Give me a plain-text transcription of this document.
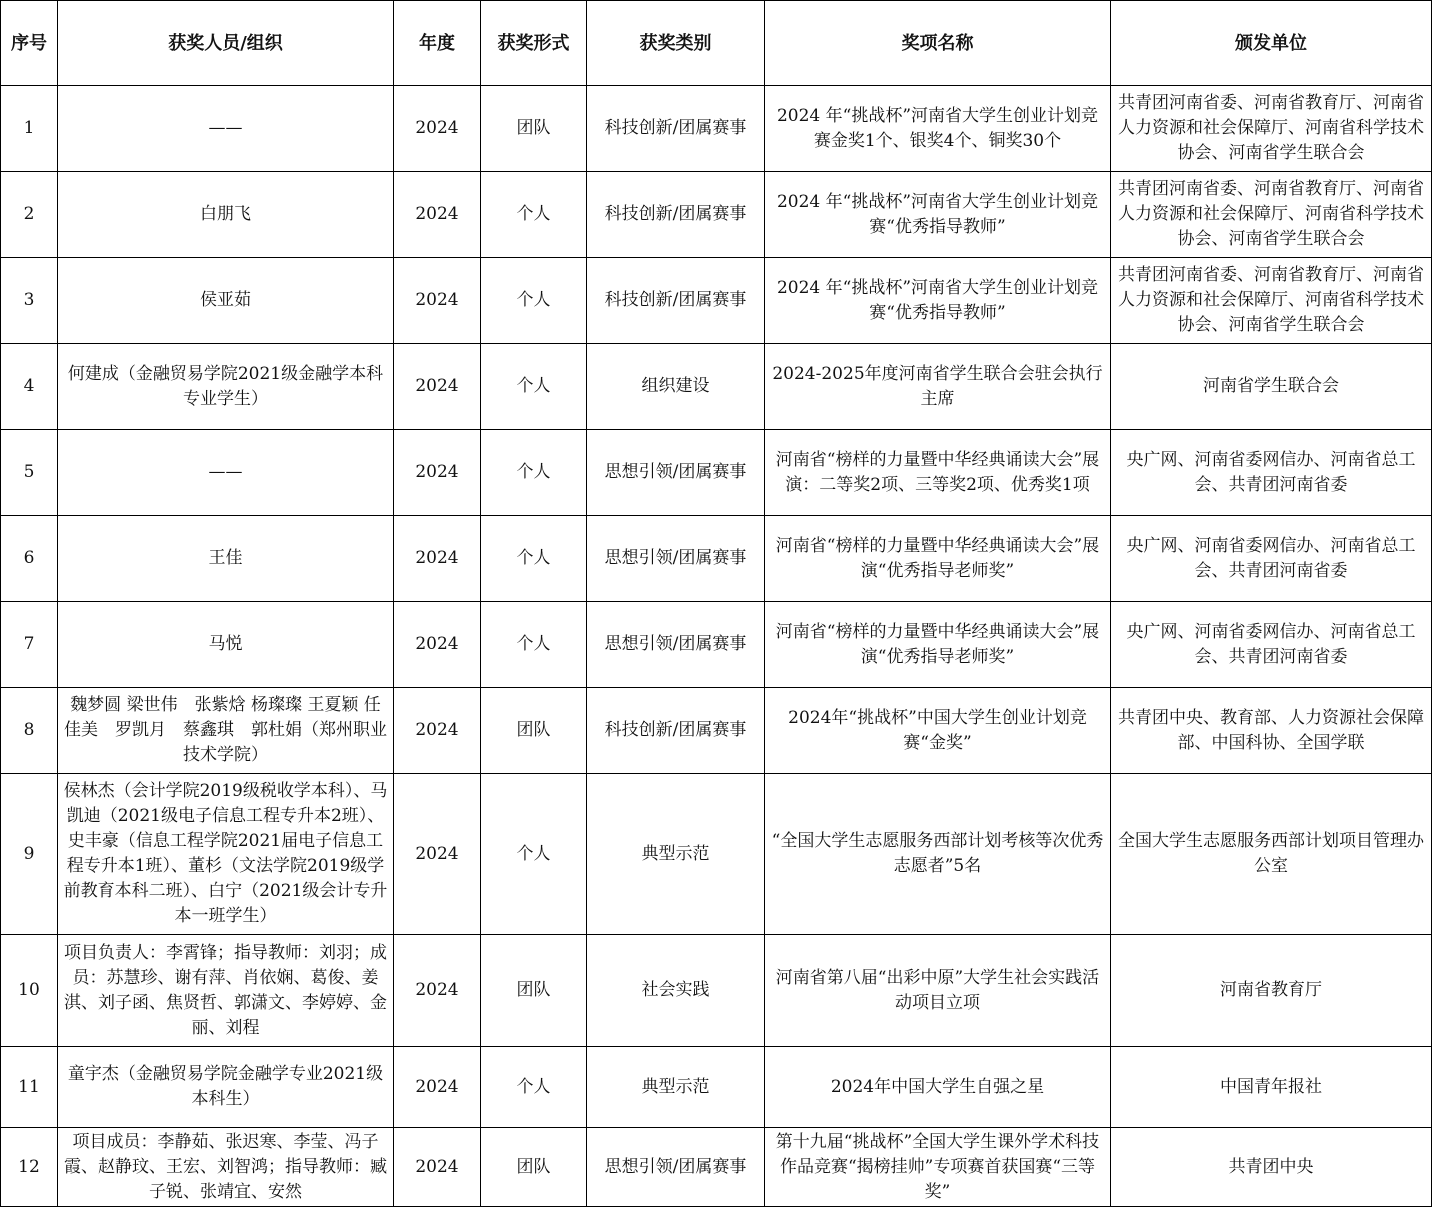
序号	获奖人员/组织	年度	获奖形式	获奖类别	奖项名称	颁发单位
1	——	2024	团队	科技创新/团属赛事	2024 年“挑战杯”河南省大学生创业计划竞赛金奖1个、银奖4个、铜奖30个	共青团河南省委、河南省教育厅、河南省人力资源和社会保障厅、河南省科学技术协会、河南省学生联合会
2	白朋飞	2024	个人	科技创新/团属赛事	2024 年“挑战杯”河南省大学生创业计划竞赛“优秀指导教师”	共青团河南省委、河南省教育厅、河南省人力资源和社会保障厅、河南省科学技术协会、河南省学生联合会
3	侯亚茹	2024	个人	科技创新/团属赛事	2024 年“挑战杯”河南省大学生创业计划竞赛“优秀指导教师”	共青团河南省委、河南省教育厅、河南省人力资源和社会保障厅、河南省科学技术协会、河南省学生联合会
4	何建成（金融贸易学院2021级金融学本科专业学生）	2024	个人	组织建设	2024-2025年度河南省学生联合会驻会执行主席	河南省学生联合会
5	——	2024	个人	思想引领/团属赛事	河南省“榜样的力量暨中华经典诵读大会”展演：二等奖2项、三等奖2项、优秀奖1项	央广网、河南省委网信办、河南省总工会、共青团河南省委
6	王佳	2024	个人	思想引领/团属赛事	河南省“榜样的力量暨中华经典诵读大会”展演“优秀指导老师奖”	央广网、河南省委网信办、河南省总工会、共青团河南省委
7	马悦	2024	个人	思想引领/团属赛事	河南省“榜样的力量暨中华经典诵读大会”展演“优秀指导老师奖”	央广网、河南省委网信办、河南省总工会、共青团河南省委
8	魏梦圆 梁世伟　张紫焓 杨璨璨 王夏颖 任佳美　罗凯月　蔡鑫琪　郭杜娟（郑州职业技术学院）	2024	团队	科技创新/团属赛事	2024年“挑战杯”中国大学生创业计划竞赛“金奖”	共青团中央、教育部、人力资源社会保障部、中国科协、全国学联
9	侯林杰（会计学院2019级税收学本科）、马凯迪（2021级电子信息工程专升本2班）、史丰豪（信息工程学院2021届电子信息工程专升本1班）、董杉（文法学院2019级学前教育本科二班）、白宁（2021级会计专升本一班学生）	2024	个人	典型示范	“全国大学生志愿服务西部计划考核等次优秀志愿者”5名	全国大学生志愿服务西部计划项目管理办公室
10	项目负责人：李霄锋；指导教师：刘羽；成员：苏慧珍、谢有萍、肖依娴、葛俊、姜淇、刘子函、焦贤哲、郭潇文、李婷婷、金丽、刘程	2024	团队	社会实践	河南省第八届“出彩中原”大学生社会实践活动项目立项	河南省教育厅
11	童宇杰（金融贸易学院金融学专业2021级本科生）	2024	个人	典型示范	2024年中国大学生自强之星	中国青年报社
12	项目成员：李静茹、张迟寒、李莹、冯子霞、赵静玟、王宏、刘智鸿；指导教师：臧子锐、张靖宜、安然	2024	团队	思想引领/团属赛事	第十九届“挑战杯”全国大学生课外学术科技作品竞赛“揭榜挂帅”专项赛首获国赛“三等奖”	共青团中央
